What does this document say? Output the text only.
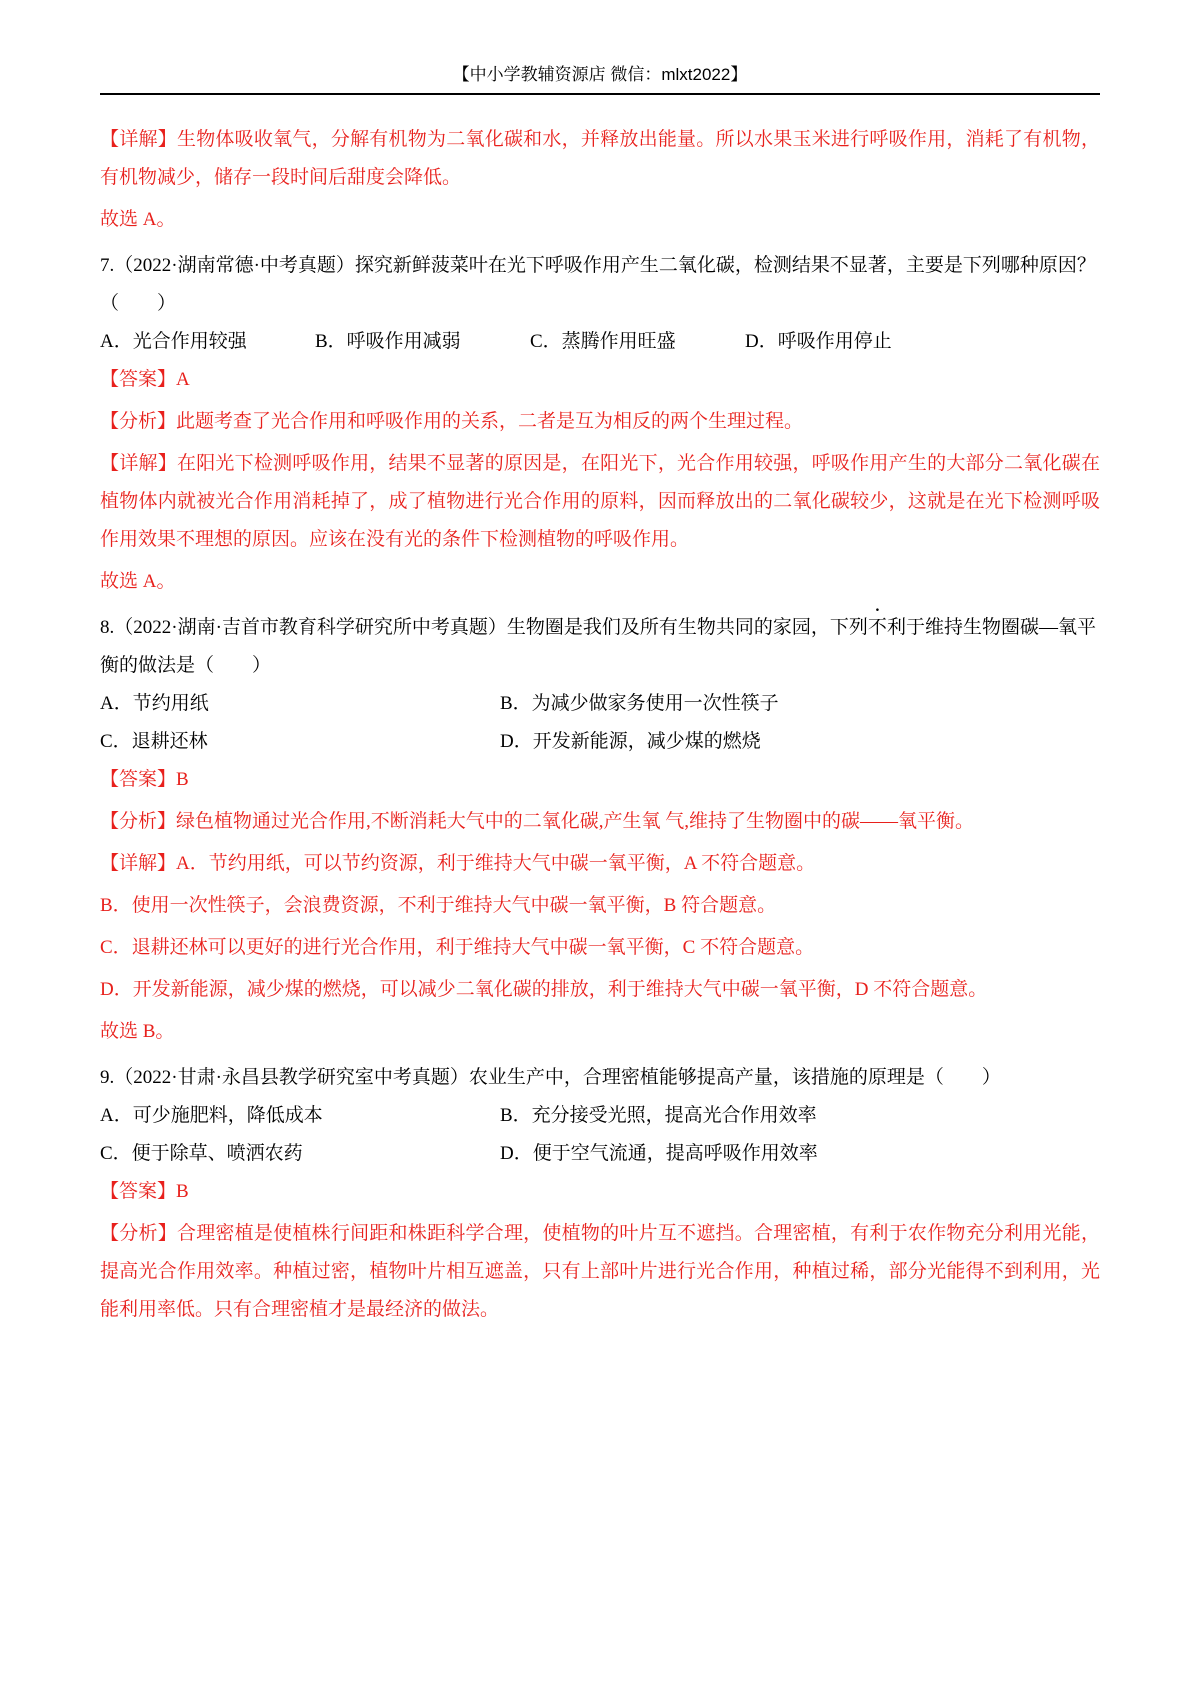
【中小学教辅资源店 微信：mlxt2022】
【详解】生物体吸收氧气，分解有机物为二氧化碳和水，并释放出能量。所以水果玉米进行呼吸作用，消耗了有机物，有机物减少，储存一段时间后甜度会降低。
故选 A。
7.（2022·湖南常德·中考真题）探究新鲜菠菜叶在光下呼吸作用产生二氧化碳，检测结果不显著，主要是下列哪种原因？（　　）
A．光合作用较强	B．呼吸作用减弱	C．蒸腾作用旺盛	D．呼吸作用停止
【答案】A
【分析】此题考查了光合作用和呼吸作用的关系，二者是互为相反的两个生理过程。
【详解】在阳光下检测呼吸作用，结果不显著的原因是，在阳光下，光合作用较强，呼吸作用产生的大部分二氧化碳在植物体内就被光合作用消耗掉了，成了植物进行光合作用的原料，因而释放出的二氧化碳较少，这就是在光下检测呼吸作用效果不理想的原因。应该在没有光的条件下检测植物的呼吸作用。
故选 A。
8.（2022·湖南·吉首市教育科学研究所中考真题）生物圈是我们及所有生物共同的家园，下列不利于维持生物圈碳—氧平衡的做法是（　　）
A．节约用纸	B．为减少做家务使用一次性筷子
C．退耕还林	D．开发新能源，减少煤的燃烧
【答案】B
【分析】绿色植物通过光合作用,不断消耗大气中的二氧化碳,产生氧 气,维持了生物圈中的碳——氧平衡。
【详解】A．节约用纸，可以节约资源，利于维持大气中碳一氧平衡，A 不符合题意。
B．使用一次性筷子，会浪费资源，不利于维持大气中碳一氧平衡，B 符合题意。
C．退耕还林可以更好的进行光合作用，利于维持大气中碳一氧平衡，C 不符合题意。
D．开发新能源，减少煤的燃烧，可以减少二氧化碳的排放，利于维持大气中碳一氧平衡，D 不符合题意。
故选 B。
9.（2022·甘肃·永昌县教学研究室中考真题）农业生产中，合理密植能够提高产量，该措施的原理是（　　）
A．可少施肥料，降低成本	B．充分接受光照，提高光合作用效率
C．便于除草、喷洒农药	D．便于空气流通，提高呼吸作用效率
【答案】B
【分析】合理密植是使植株行间距和株距科学合理，使植物的叶片互不遮挡。合理密植，有利于农作物充分利用光能，提高光合作用效率。种植过密，植物叶片相互遮盖，只有上部叶片进行光合作用，种植过稀，部分光能得不到利用，光能利用率低。只有合理密植才是最经济的做法。
